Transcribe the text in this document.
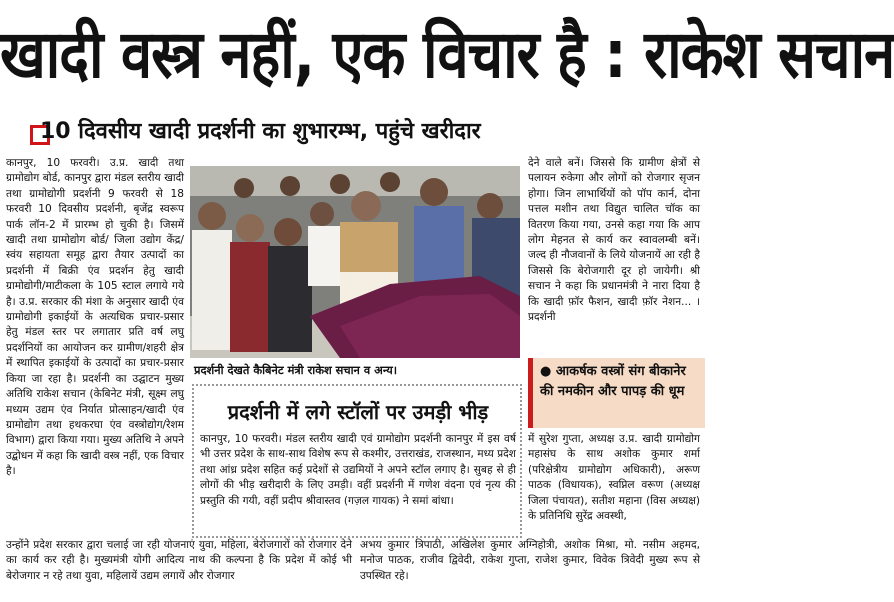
खादी वस्त्र नहीं, एक विचार है : राकेश सचान
10 दिवसीय खादी प्रदर्शनी का शुभारम्भ, पहुंचे खरीदार
कानपुर, 10 फरवरी। उ.प्र. खादी तथा ग्रामोद्योग बोर्ड, कानपुर द्वारा मंडल स्तरीय खादी तथा ग्रामोद्योगी प्रदर्शनी 9 फरवरी से 18 फरवरी 10 दिवसीय प्रदर्शनी, बृजेंद्र स्वरूप पार्क लॉन-2 में प्रारम्भ हो चुकी है। जिसमें खादी तथा ग्रामोद्योग बोर्ड/ जिला उद्योग केंद्र/ स्वंय सहायता समूह द्वारा तैयार उत्पादों का प्रदर्शनी में बिक्री एंव प्रदर्शन हेतु खादी ग्रामोद्योगी/माटीकला के 105 स्टाल लगाये गये है। उ.प्र. सरकार की मंशा के अनुसार खादी एंव ग्रामोद्योगी इकाईयों के अत्यधिक प्रचार-प्रसार हेतु मंडल स्तर पर लगातार प्रति वर्ष लघु प्रदर्शनियों का आयोजन कर ग्रामीण/शहरी क्षेत्र में स्थापित इकाईयों के उत्पादों का प्रचार-प्रसार किया जा रहा है। प्रदर्शनी का उद्घाटन मुख्य अतिथि राकेश सचान (केबिनेट मंत्री, सूक्ष्म लघु मध्यम उद्यम एंव निर्यात प्रोत्साहन/खादी एंव ग्रामोद्योग तथा हथकरघा एंव वस्त्रोद्योग/रेशम विभाग) द्वारा किया गया। मुख्य अतिथि ने अपने उद्बोधन में कहा कि खादी वस्त्र नहीं, एक विचार है।
प्रदर्शनी देखते कैबिनेट मंत्री राकेश सचान व अन्य।
प्रदर्शनी में लगे स्टॉलों पर उमड़ी भीड़
कानपुर, 10 फरवरी। मंडल स्तरीय खादी एवं ग्रामोद्योग प्रदर्शनी कानपुर में इस वर्ष भी उत्तर प्रदेश के साथ-साथ विशेष रूप से कश्मीर, उत्तराखंड, राजस्थान, मध्य प्रदेश तथा आंध्र प्रदेश सहित कई प्रदेशों से उद्यमियों ने अपने स्टॉल लगाए है। सुबह से ही लोगों की भीड़ खरीदारी के लिए उमड़ी। वहीं प्रदर्शनी में गणेश वंदना एवं नृत्य की प्रस्तुति की गयी, वहीं प्रदीप श्रीवास्तव (गज़ल गायक) ने समां बांधा।
देने वाले बनें। जिससे कि ग्रामीण क्षेत्रों से पलायन रुकेगा और लोगों को रोजगार सृजन होगा। जिन लाभार्थियों को पॉप कार्न, दोना पत्तल मशीन तथा विद्युत चालित चॉक का वितरण किया गया, उनसे कहा गया कि आप लोग मेहनत से कार्य कर स्वावलम्बी बनें। जल्द ही नौजवानों के लिये योजनायें आ रही है जिससे कि बेरोजगारी दूर हो जायेगी। श्री सचान ने कहा कि प्रधानमंत्री ने नारा दिया है कि खादी फ़ॉर फैशन, खादी फ़ॉर नेशन... । प्रदर्शनी
● आकर्षक वस्त्रों संग बीकानेर की नमकीन और पापड़ की धूम
में सुरेश गुप्ता, अध्यक्ष उ.प्र. खादी ग्रामोद्योग महासंघ के साथ अशोक कुमार शर्मा (परिक्षेत्रीय ग्रामोद्योग अधिकारी), अरूण पाठक (विधायक), स्वप्निल वरूण (अध्यक्ष जिला पंचायत), सतीश महाना (विस अध्यक्ष) के प्रतिनिधि सुरेंद्र अवस्थी,
उन्होंने प्रदेश सरकार द्वारा चलाई जा रही योजनाएं युवा, महिला, बेरोजगारों को रोजगार देने का कार्य कर रही है। मुख्यमंत्री योगी आदित्य नाथ की कल्पना है कि प्रदेश में कोई भी बेरोजगार न रहे तथा युवा, महिलायें उद्यम लगायें और रोजगार
अभय कुमार त्रिपाठी, अखिलेश कुमार अग्निहोत्री, अशोक मिश्रा, मो. नसीम अहमद, मनोज पाठक, राजीव द्विवेदी, राकेश गुप्ता, राजेश कुमार, विवेक त्रिवेदी मुख्य रूप से उपस्थित रहे।
